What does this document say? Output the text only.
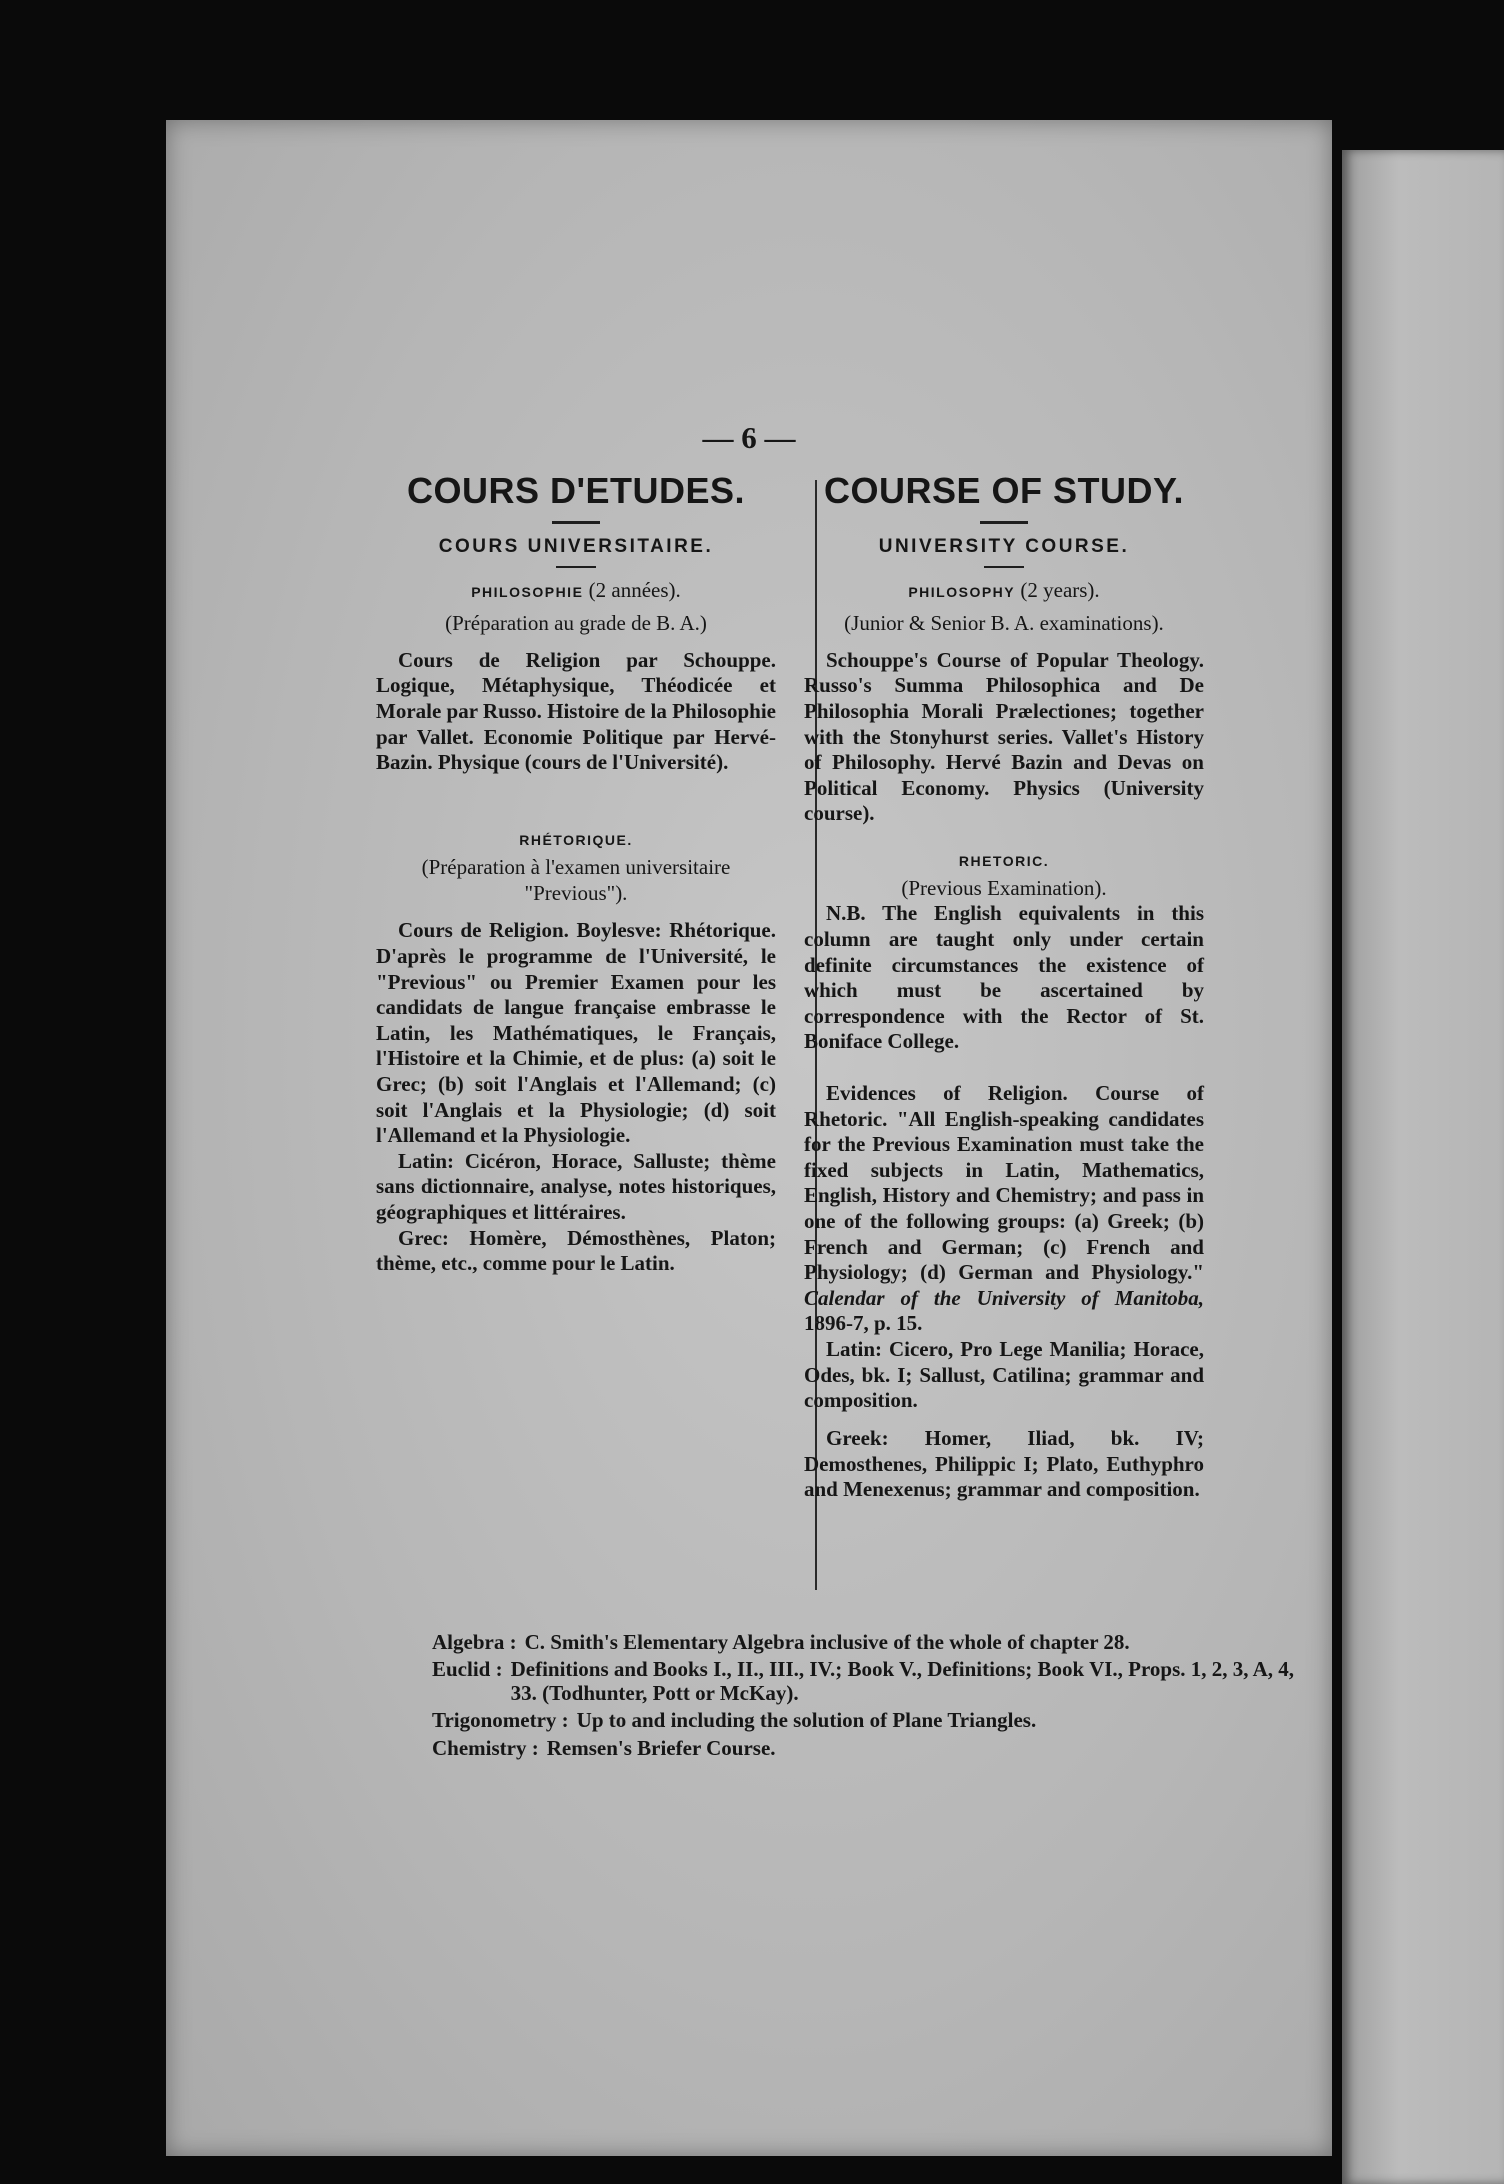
— 6 —
COURS D'ETUDES.

COURS UNIVERSITAIRE.

PHILOSOPHIE (2 années).

(Préparation au grade de B. A.)

Cours de Religion par Schouppe. Logique, Métaphysique, Théodicée et Morale par Russo. Histoire de la Philosophie par Vallet. Economie Politique par Hervé-Bazin. Physique (cours de l'Université).

RHÉTORIQUE.

(Préparation à l'examen universitaire "Previous").

Cours de Religion. Boylesve: Rhétorique. D'après le programme de l'Université, le "Previous" ou Premier Examen pour les candidats de langue française embrasse le Latin, les Mathématiques, le Français, l'Histoire et la Chimie, et de plus: (a) soit le Grec; (b) soit l'Anglais et l'Allemand; (c) soit l'Anglais et la Physiologie; (d) soit l'Allemand et la Physiologie.

Latin: Cicéron, Horace, Salluste; thème sans dictionnaire, analyse, notes historiques, géographiques et littéraires.

Grec: Homère, Démosthènes, Platon; thème, etc., comme pour le Latin.

COURSE OF STUDY.

UNIVERSITY COURSE.

PHILOSOPHY (2 years).

(Junior & Senior B. A. examinations).

Schouppe's Course of Popular Theology. Russo's Summa Philosophica and De Philosophia Morali Prælectiones; together with the Stonyhurst series. Vallet's History of Philosophy. Hervé Bazin and Devas on Political Economy. Physics (University course).

RHETORIC.

(Previous Examination).

N.B. The English equivalents in this column are taught only under certain definite circumstances the existence of which must be ascertained by correspondence with the Rector of St. Boniface College.

Evidences of Religion. Course of Rhetoric. "All English-speaking candidates for the Previous Examination must take the fixed subjects in Latin, Mathematics, English, History and Chemistry; and pass in one of the following groups: (a) Greek; (b) French and German; (c) French and Physiology; (d) German and Physiology." Calendar of the University of Manitoba, 1896-7, p. 15.

Latin: Cicero, Pro Lege Manilia; Horace, Odes, bk. I; Sallust, Catilina; grammar and composition.

Greek: Homer, Iliad, bk. IV; Demosthenes, Philippic I; Plato, Euthyphro and Menexenus; grammar and composition.

Algebra : C. Smith's Elementary Algebra inclusive of the whole of chapter 28.
Euclid : Definitions and Books I., II., III., IV.; Book V., Definitions; Book VI., Props. 1, 2, 3, A, 4, 33. (Todhunter, Pott or McKay).
Trigonometry : Up to and including the solution of Plane Triangles.
Chemistry : Remsen's Briefer Course.
